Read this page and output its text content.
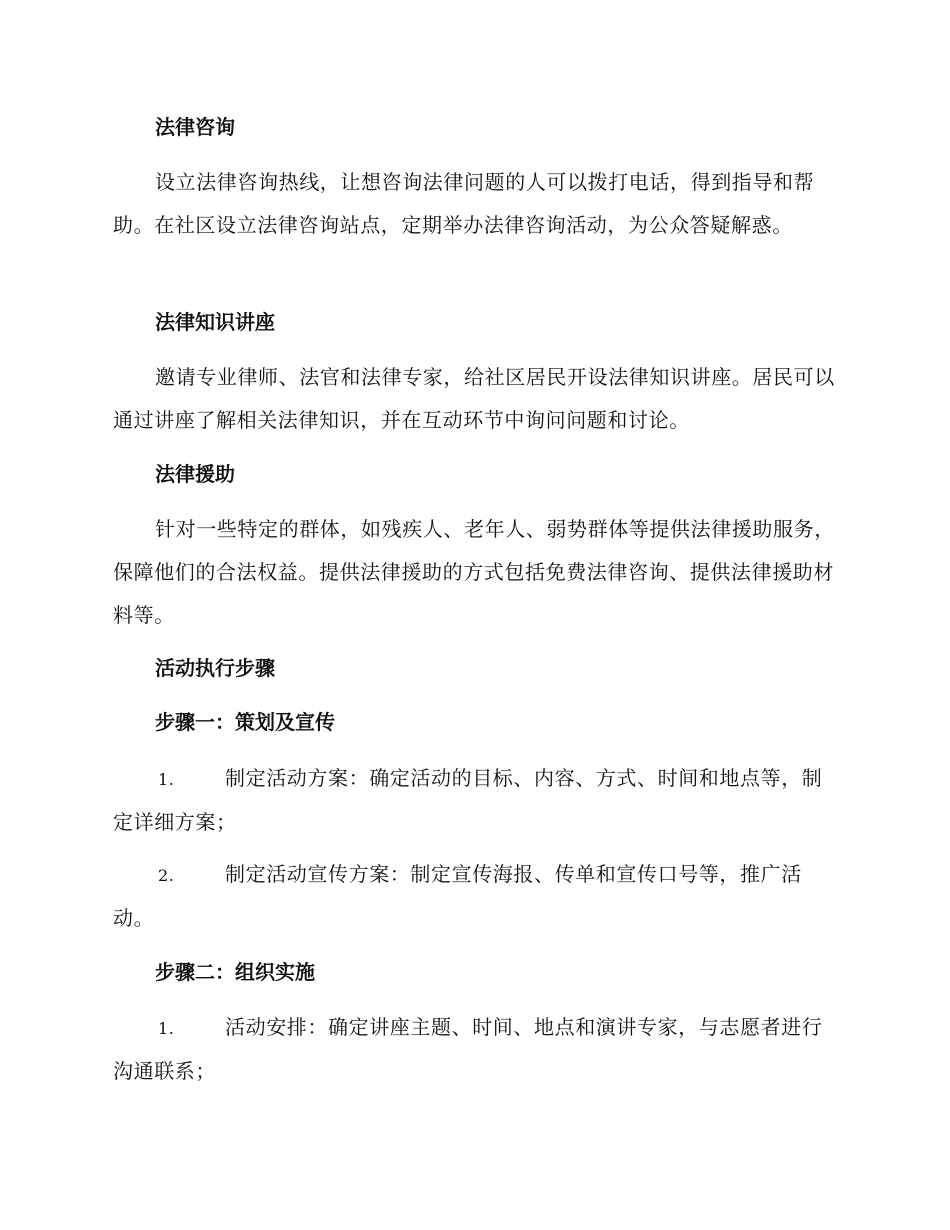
法律咨询

设立法律咨询热线，让想咨询法律问题的人可以拨打电话，得到指导和帮助。在社区设立法律咨询站点，定期举办法律咨询活动，为公众答疑解惑。

法律知识讲座

邀请专业律师、法官和法律专家，给社区居民开设法律知识讲座。居民可以通过讲座了解相关法律知识，并在互动环节中询问问题和讨论。

法律援助

针对一些特定的群体，如残疾人、老年人、弱势群体等提供法律援助服务，保障他们的合法权益。提供法律援助的方式包括免费法律咨询、提供法律援助材料等。

活动执行步骤
步骤一：策划及宣传

1.	制定活动方案：确定活动的目标、内容、方式、时间和地点等，制定详细方案；

2.	制定活动宣传方案：制定宣传海报、传单和宣传口号等，推广活动。

步骤二：组织实施

1.	活动安排：确定讲座主题、时间、地点和演讲专家，与志愿者进行沟通联系；
